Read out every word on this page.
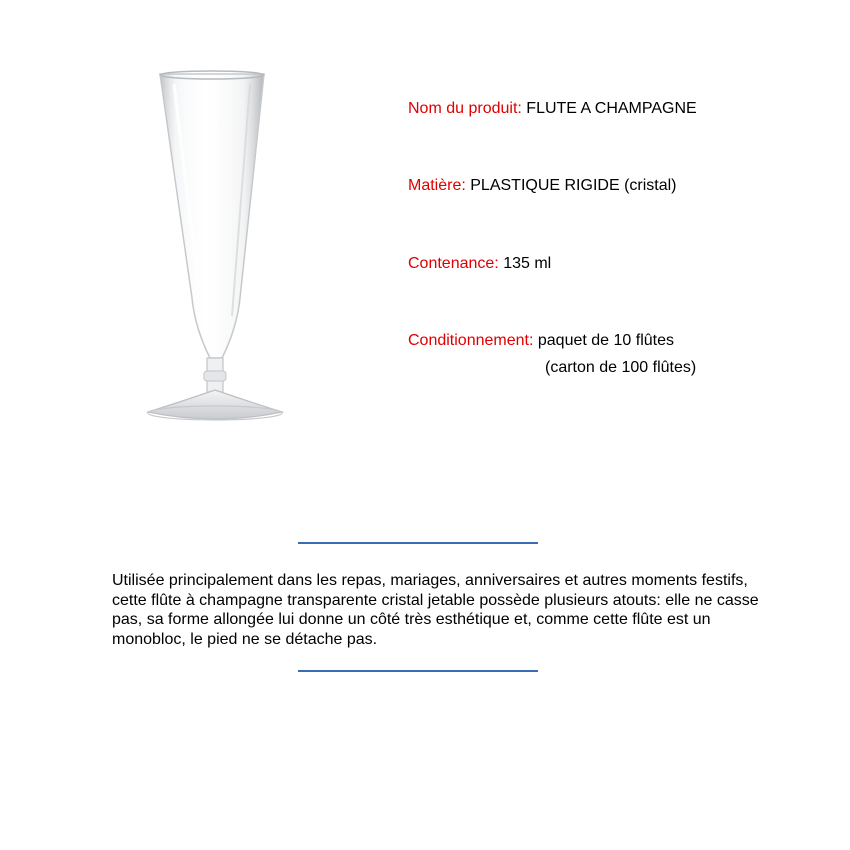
Nom du produit: FLUTE A CHAMPAGNE
Matière: PLASTIQUE RIGIDE (cristal)
Contenance: 135 ml
Conditionnement: paquet de 10 flûtes
(carton de 100 flûtes)

Utilisée principalement dans les repas, mariages, anniversaires et autres moments festifs, cette flûte à champagne transparente cristal jetable possède plusieurs atouts: elle ne casse pas, sa forme allongée lui donne un côté très esthétique et, comme cette flûte est un monobloc, le pied ne se détache pas.
